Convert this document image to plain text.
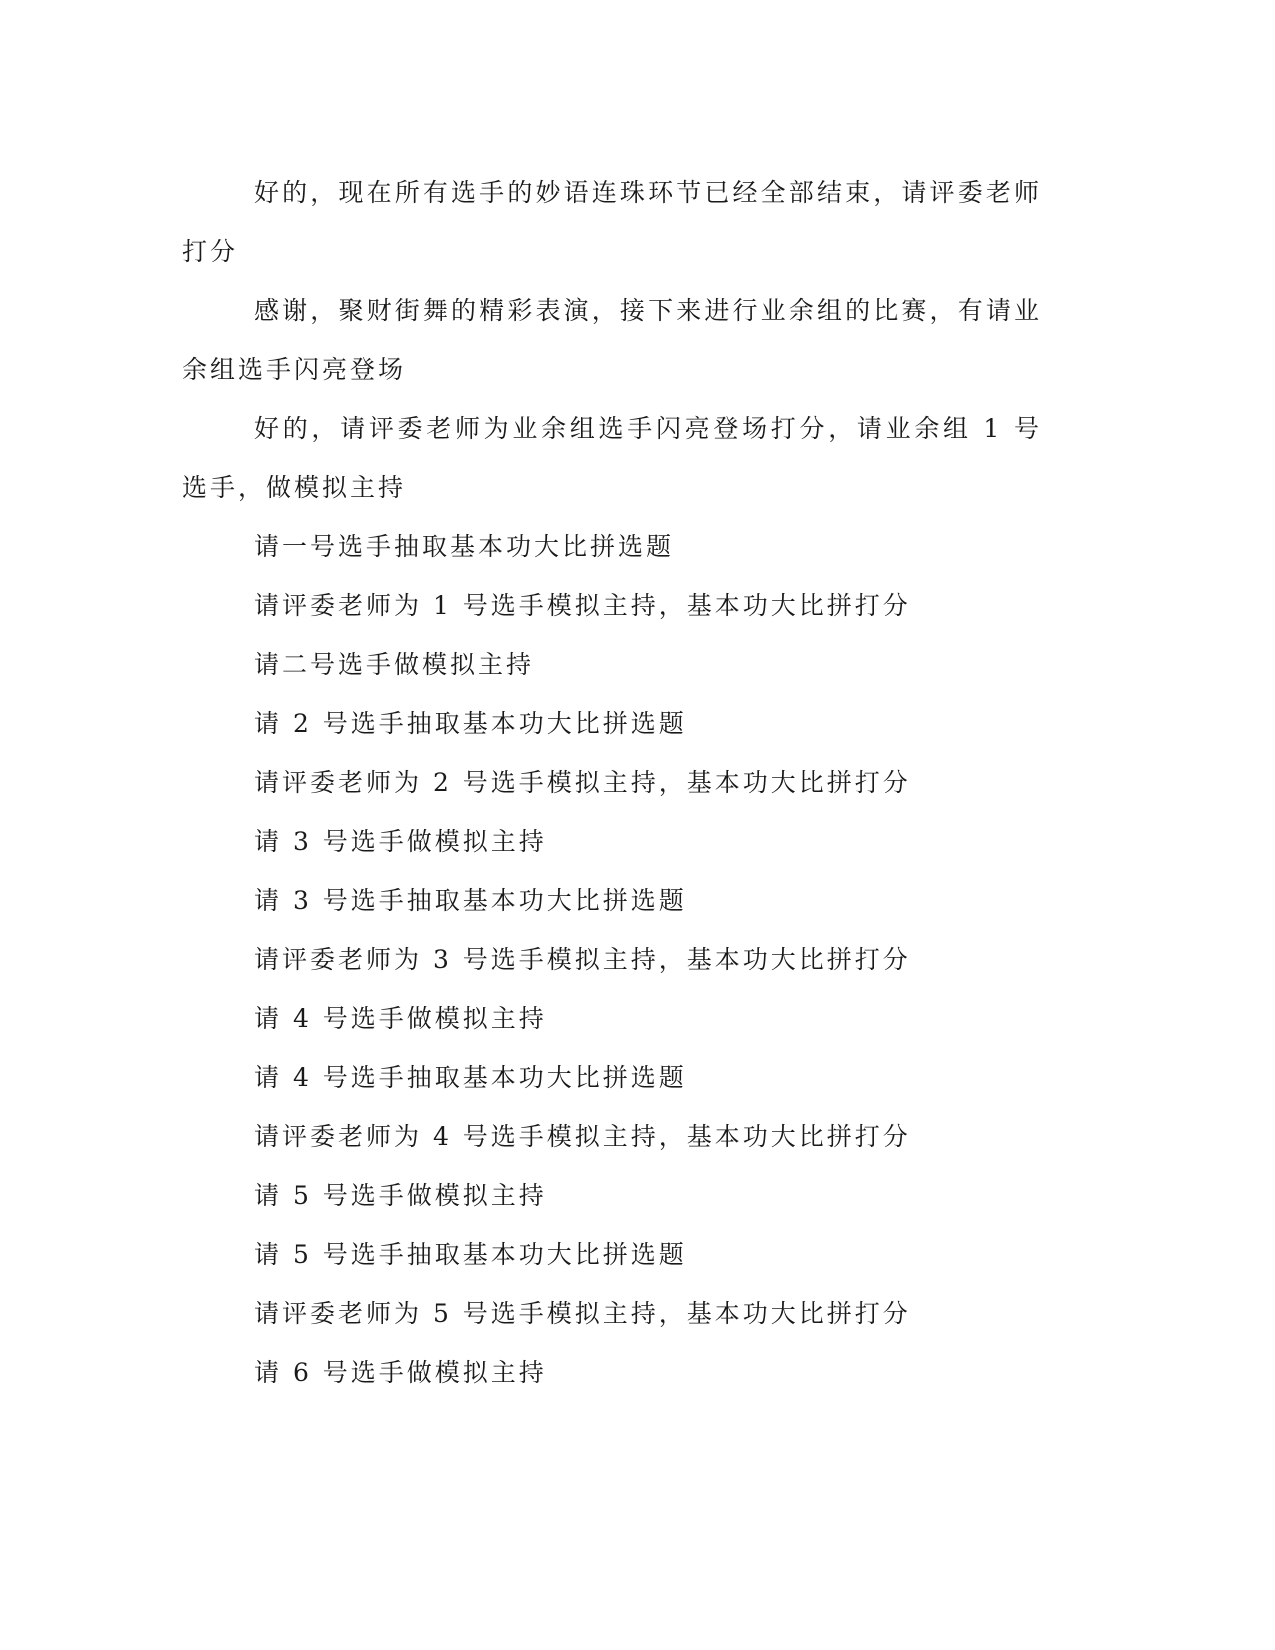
好的，现在所有选手的妙语连珠环节已经全部结束，请评委老师打分

感谢，聚财街舞的精彩表演，接下来进行业余组的比赛，有请业余组选手闪亮登场

好的，请评委老师为业余组选手闪亮登场打分，请业余组 1 号选手，做模拟主持

请一号选手抽取基本功大比拼选题

请评委老师为 1 号选手模拟主持，基本功大比拼打分

请二号选手做模拟主持

请 2 号选手抽取基本功大比拼选题

请评委老师为 2 号选手模拟主持，基本功大比拼打分

请 3 号选手做模拟主持

请 3 号选手抽取基本功大比拼选题

请评委老师为 3 号选手模拟主持，基本功大比拼打分

请 4 号选手做模拟主持

请 4 号选手抽取基本功大比拼选题

请评委老师为 4 号选手模拟主持，基本功大比拼打分

请 5 号选手做模拟主持

请 5 号选手抽取基本功大比拼选题

请评委老师为 5 号选手模拟主持，基本功大比拼打分

请 6 号选手做模拟主持
